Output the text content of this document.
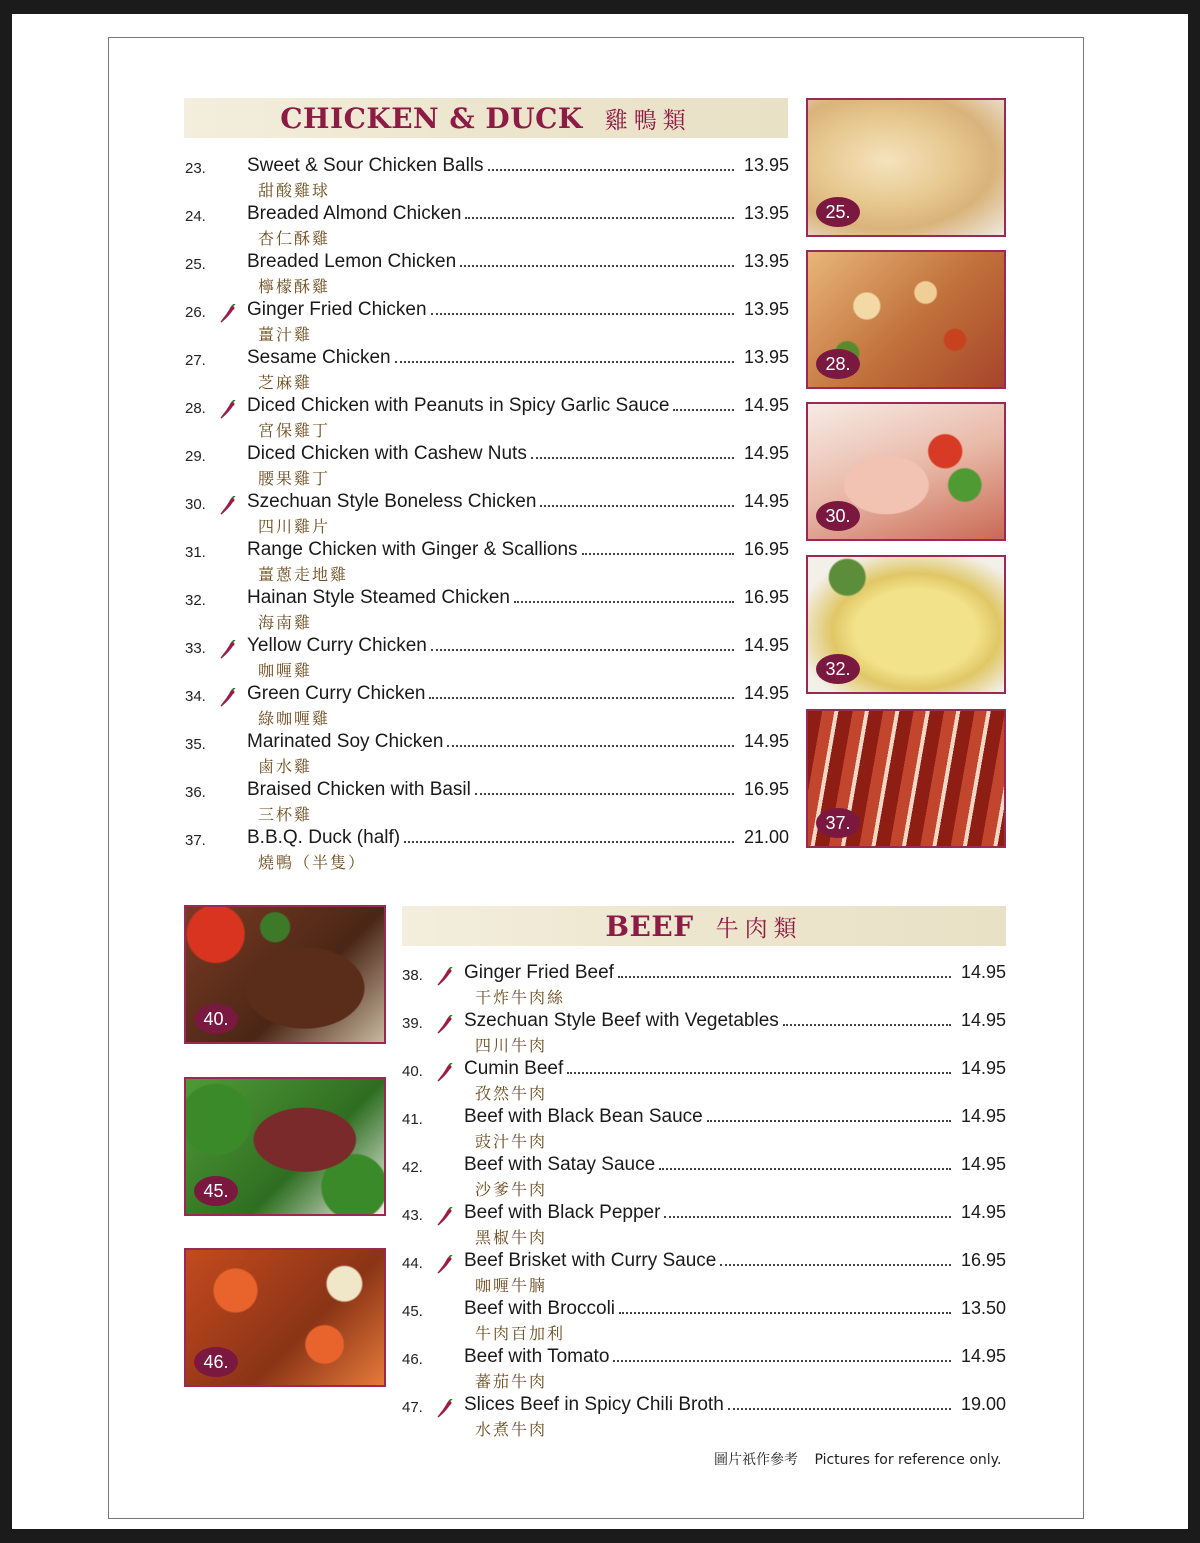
CHICKEN & DUCK 雞鴨類
23. Sweet & Sour Chicken Balls	13.95
甜酸雞球
24. Breaded Almond Chicken	13.95
杏仁酥雞
25. Breaded Lemon Chicken	13.95
檸檬酥雞
26. Ginger Fried Chicken	13.95
薑汁雞
27. Sesame Chicken	13.95
芝麻雞
28. Diced Chicken with Peanuts in Spicy Garlic Sauce	14.95
宮保雞丁
29. Diced Chicken with Cashew Nuts	14.95
腰果雞丁
30. Szechuan Style Boneless Chicken	14.95
四川雞片
31. Range Chicken with Ginger & Scallions	16.95
薑蔥走地雞
32. Hainan Style Steamed Chicken	16.95
海南雞
33. Yellow Curry Chicken	14.95
咖喱雞
34. Green Curry Chicken	14.95
綠咖喱雞
35. Marinated Soy Chicken	14.95
鹵水雞
36. Braised Chicken with Basil	16.95
三杯雞
37. B.B.Q. Duck (half)	21.00
燒鴨（半隻）
25.
28.
30.
32.
37.
BEEF 牛肉類
38. Ginger Fried Beef	14.95
干炸牛肉絲
39. Szechuan Style Beef with Vegetables	14.95
四川牛肉
40. Cumin Beef	14.95
孜然牛肉
41. Beef with Black Bean Sauce	14.95
豉汁牛肉
42. Beef with Satay Sauce	14.95
沙爹牛肉
43. Beef with Black Pepper	14.95
黑椒牛肉
44. Beef Brisket with Curry Sauce	16.95
咖喱牛腩
45. Beef with Broccoli	13.50
牛肉百加利
46. Beef with Tomato	14.95
蕃茄牛肉
47. Slices Beef in Spicy Chili Broth	19.00
水煮牛肉
40.
45.
46.
圖片祇作參考 Pictures for reference only.
